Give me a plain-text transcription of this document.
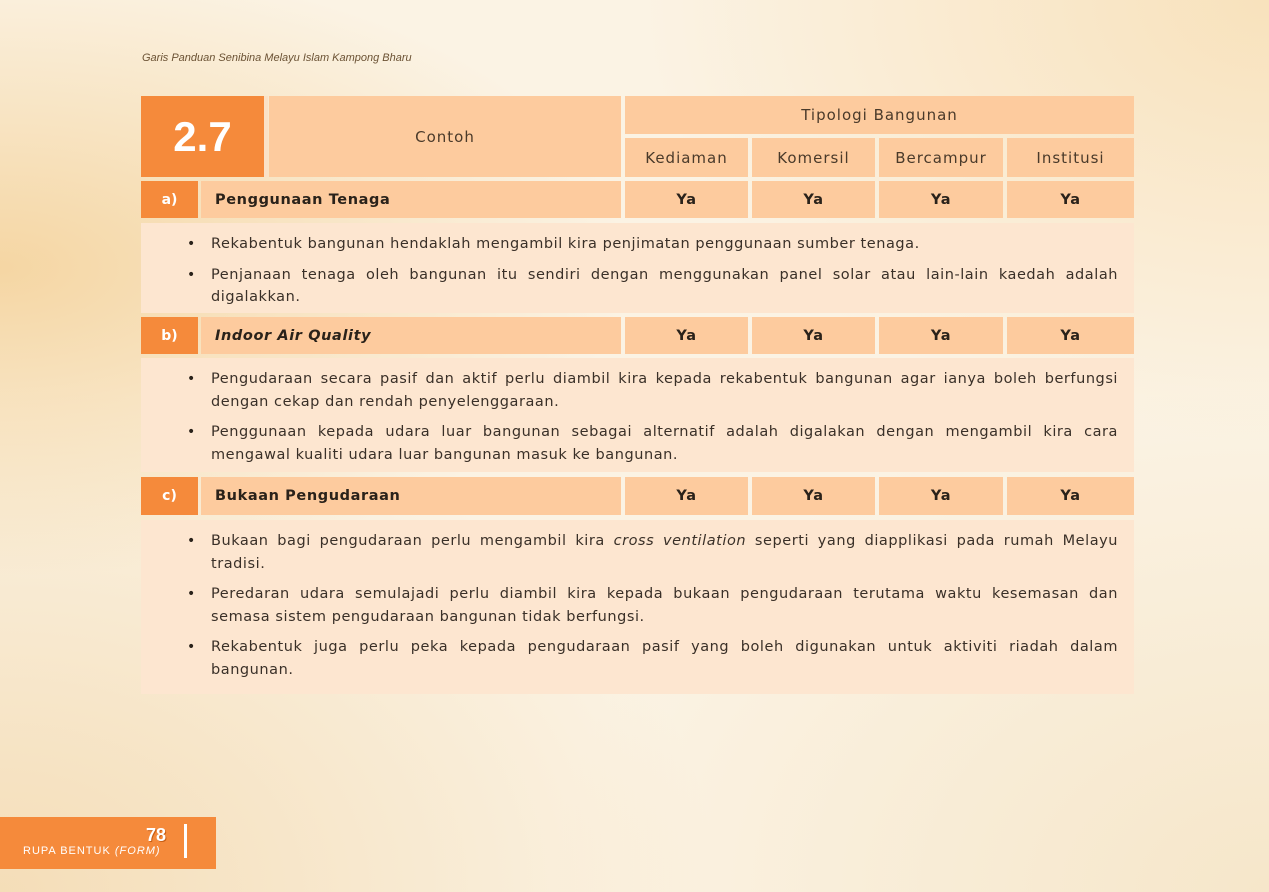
Garis Panduan Senibina Melayu Islam Kampong Bharu
2.7	Contoh
Tipologi Bangunan
Kediaman	Komersil	Bercampur	Institusi
a)	Penggunaan Tenaga	Ya	Ya	Ya	Ya
• Rekabentuk bangunan hendaklah mengambil kira penjimatan penggunaan sumber tenaga.
• Penjanaan tenaga oleh bangunan itu sendiri dengan menggunakan panel solar atau lain-lain kaedah adalah digalakkan.
b)	Indoor Air Quality	Ya	Ya	Ya	Ya
• Pengudaraan secara pasif dan aktif perlu diambil kira kepada rekabentuk bangunan agar ianya boleh berfungsi dengan cekap dan rendah penyelenggaraan.
• Penggunaan kepada udara luar bangunan sebagai alternatif adalah digalakan dengan mengambil kira cara mengawal kualiti udara luar bangunan masuk ke bangunan.
c)	Bukaan Pengudaraan	Ya	Ya	Ya	Ya
• Bukaan bagi pengudaraan perlu mengambil kira cross ventilation seperti yang diapplikasi pada rumah Melayu tradisi.
• Peredaran udara semulajadi perlu diambil kira kepada bukaan pengudaraan terutama waktu kesemasan dan semasa sistem pengudaraan bangunan tidak berfungsi.
• Rekabentuk juga perlu peka kepada pengudaraan pasif yang boleh digunakan untuk aktiviti riadah dalam bangunan.
78
RUPA BENTUK (FORM)
